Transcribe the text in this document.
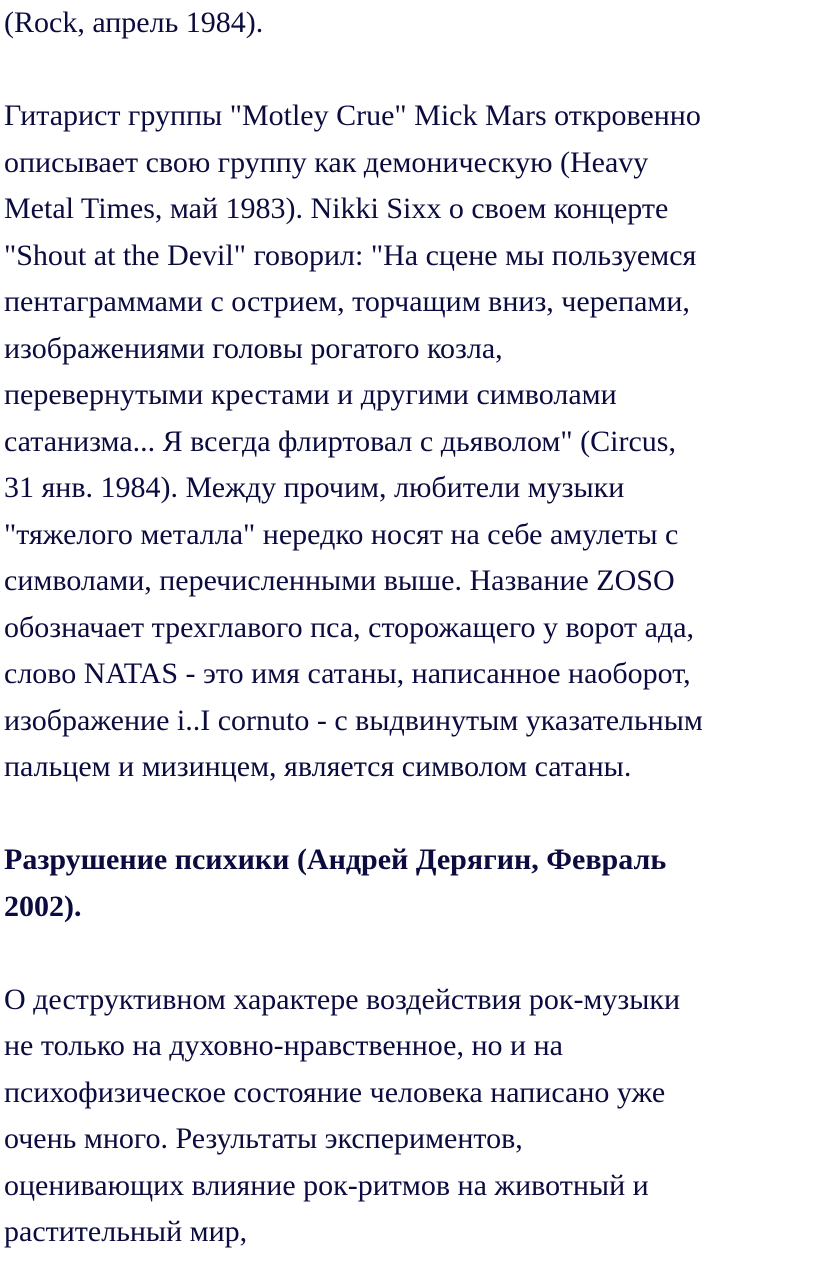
(Rock, апрель 1984).
Гитарист группы "Motley Crue" Mick Mars откровенно
описывает свою группу как демоническую (Heavy
Metal Times, май 1983). Nikki Sixx о своем концерте
"Shout at the Devil" говорил: "На сцене мы пользуемся
пентаграммами с острием, торчащим вниз, черепами,
изображениями головы рогатого козла,
перевернутыми крестами и другими символами
сатанизма... Я всегда флиртовал с дьяволом" (Circus,
31 янв. 1984). Между прочим, любители музыки
"тяжелого металла" нередко носят на себе амулеты с
символами, перечисленными выше. Название ZOSO
обозначает трехглавого пса, сторожащего у ворот ада,
слово NATAS - это имя сатаны, написанное наоборот,
изображение i..I cornuto - с выдвинутым указательным
пальцем и мизинцем, является символом сатаны.
Разрушение психики (Андрей Дерягин, Февраль
2002).
О деструктивном характере воздействия рок-музыки
не только на духовно-нравственное, но и на
психофизическое состояние человека написано уже
очень много. Результаты экспериментов,
оценивающих влияние рок-ритмов на животный и
растительный мир,
